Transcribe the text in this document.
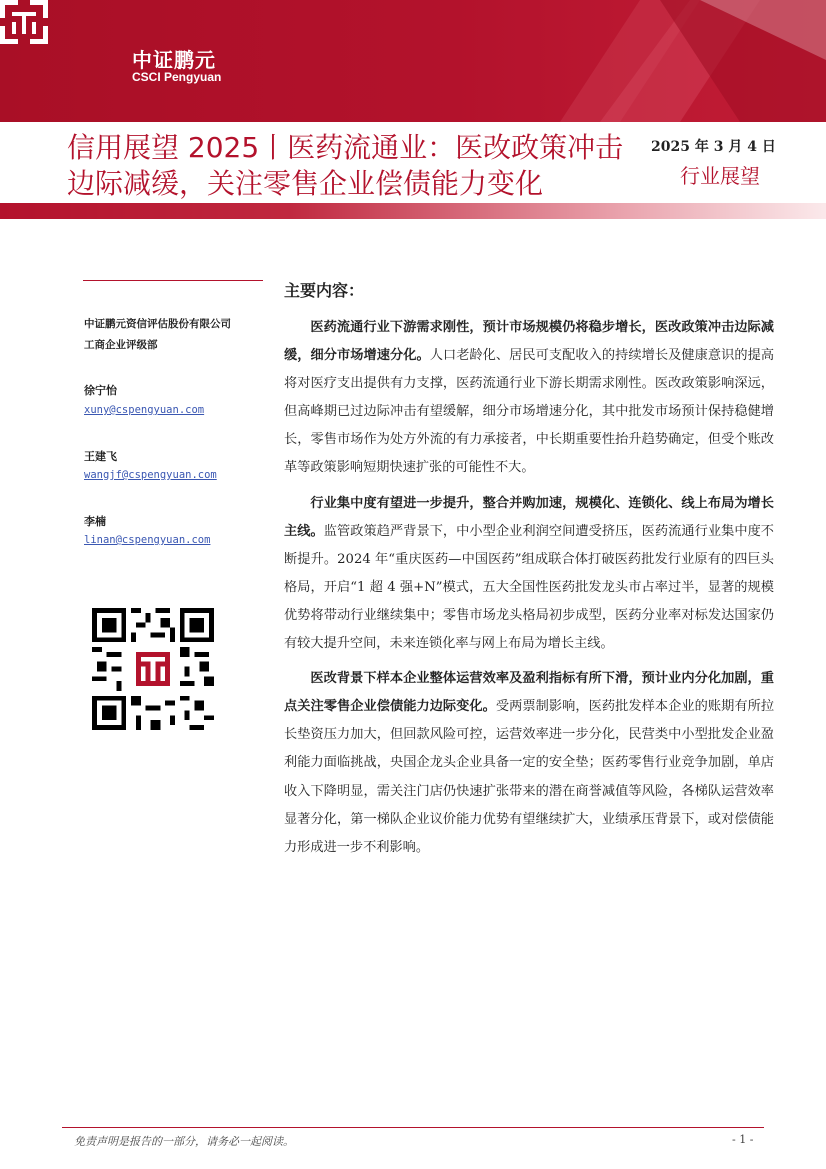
中证鹏元
CSCI Pengyuan
信用展望 2025丨医药流通业：医改政策冲击边际减缓，关注零售企业偿债能力变化
2025 年 3 月 4 日
行业展望
中证鹏元资信评估股份有限公司
工商企业评级部
徐宁怡
xuny@cspengyuan.com
王建飞
wangjf@cspengyuan.com
李楠
linan@cspengyuan.com
主要内容：

医药流通行业下游需求刚性，预计市场规模仍将稳步增长，医改政策冲击边际减缓，细分市场增速分化。人口老龄化、居民可支配收入的持续增长及健康意识的提高将对医疗支出提供有力支撑，医药流通行业下游长期需求刚性。医改政策影响深远，但高峰期已过边际冲击有望缓解，细分市场增速分化，其中批发市场预计保持稳健增长，零售市场作为处方外流的有力承接者，中长期重要性抬升趋势确定，但受个账改革等政策影响短期快速扩张的可能性不大。

行业集中度有望进一步提升，整合并购加速，规模化、连锁化、线上布局为增长主线。监管政策趋严背景下，中小型企业利润空间遭受挤压，医药流通行业集中度不断提升。2024 年“重庆医药—中国医药”组成联合体打破医药批发行业原有的四巨头格局，开启“1 超 4 强+N”模式，五大全国性医药批发龙头市占率过半，显著的规模优势将带动行业继续集中；零售市场龙头格局初步成型，医药分业率对标发达国家仍有较大提升空间，未来连锁化率与网上布局为增长主线。

医改背景下样本企业整体运营效率及盈利指标有所下滑，预计业内分化加剧，重点关注零售企业偿债能力边际变化。受两票制影响，医药批发样本企业的账期有所拉长垫资压力加大，但回款风险可控，运营效率进一步分化，民营类中小型批发企业盈利能力面临挑战，央国企龙头企业具备一定的安全垫；医药零售行业竞争加剧，单店收入下降明显，需关注门店仍快速扩张带来的潜在商誉减值等风险，各梯队运营效率显著分化，第一梯队企业议价能力优势有望继续扩大，业绩承压背景下，或对偿债能力形成进一步不利影响。

免责声明是报告的一部分，请务必一起阅读。	- 1 -
